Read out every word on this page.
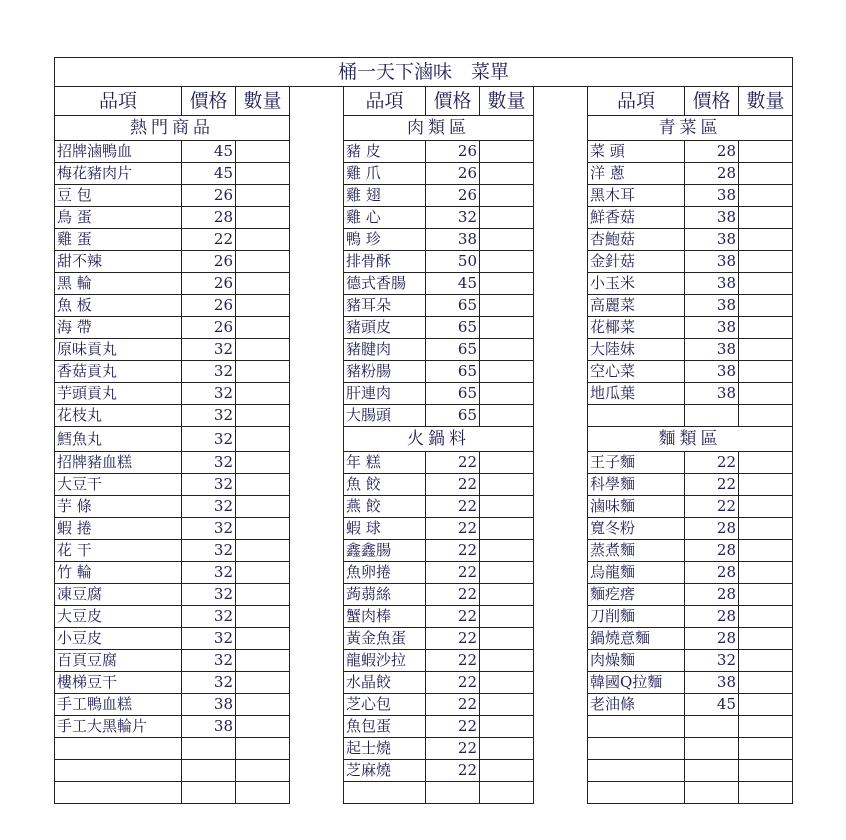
桶一天下滷味　菜單										
品項	價格	數量		品項	價格	數量		品項	價格	數量
熱門商品				肉類區				青菜區		
招牌滷鴨血	45			豬 皮	26			菜 頭	28	
梅花豬肉片	45			雞 爪	26			洋 蔥	28	
豆 包	26			雞 翅	26			黑木耳	38	
鳥 蛋	28			雞 心	32			鮮香菇	38	
雞 蛋	22			鴨 珍	38			杏鮑菇	38	
甜不辣	26			排骨酥	50			金針菇	38	
黑 輪	26			德式香腸	45			小玉米	38	
魚 板	26			豬耳朵	65			高麗菜	38	
海 帶	26			豬頭皮	65			花椰菜	38	
原味貢丸	32			豬腱肉	65			大陸妹	38	
香菇貢丸	32			豬粉腸	65			空心菜	38	
芋頭貢丸	32			肝連肉	65			地瓜葉	38	
花枝丸	32			大腸頭	65					
鱈魚丸	32			火鍋料				麵類區		
招牌豬血糕	32			年 糕	22			王子麵	22	
大豆干	32			魚 餃	22			科學麵	22	
芋 條	32			燕 餃	22			滷味麵	22	
蝦 捲	32			蝦 球	22			寬冬粉	28	
花 干	32			鑫鑫腸	22			蒸煮麵	28	
竹 輪	32			魚卵捲	22			烏龍麵	28	
凍豆腐	32			蒟蒻絲	22			麵疙瘩	28	
大豆皮	32			蟹肉棒	22			刀削麵	28	
小豆皮	32			黃金魚蛋	22			鍋燒意麵	28	
百頁豆腐	32			龍蝦沙拉	22			肉燥麵	32	
樓梯豆干	32			水晶餃	22			韓國Q拉麵	38	
手工鴨血糕	38			芝心包	22			老油條	45	
手工大黑輪片	38			魚包蛋	22					
				起士燒	22					
				芝麻燒	22					
